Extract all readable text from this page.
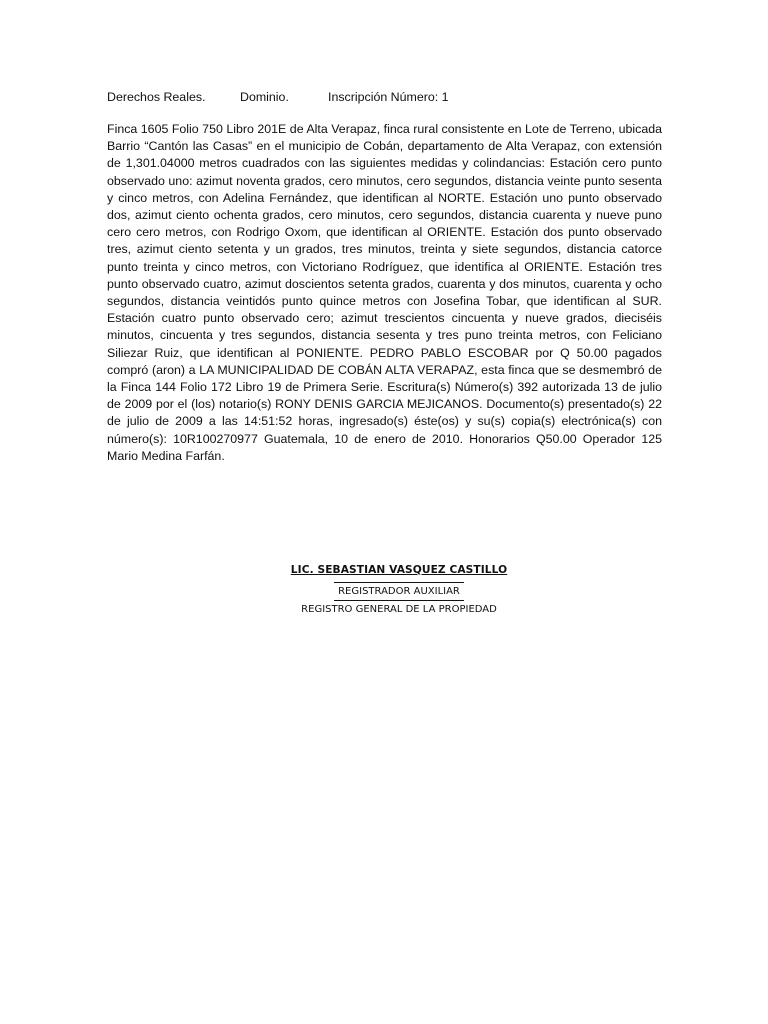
Derechos Reales.	Dominio.	Inscripción Número: 1

Finca 1605 Folio 750 Libro 201E de Alta Verapaz, finca rural consistente en Lote de Terreno, ubicada Barrio “Cantón las Casas” en el municipio de Cobán, departamento de Alta Verapaz, con extensión de 1,301.04000 metros cuadrados con las siguientes medidas y colindancias: Estación cero punto observado uno: azimut noventa grados, cero minutos, cero segundos, distancia veinte punto sesenta y cinco metros, con Adelina Fernández, que identifican al NORTE. Estación uno punto observado dos, azimut ciento ochenta grados, cero minutos, cero segundos, distancia cuarenta y nueve puno cero cero metros, con Rodrigo Oxom, que identifican al ORIENTE. Estación dos punto observado tres, azimut ciento setenta y un grados, tres minutos, treinta y siete segundos, distancia catorce punto treinta y cinco metros, con Victoriano Rodríguez, que identifica al ORIENTE. Estación tres punto observado cuatro, azimut doscientos setenta grados, cuarenta y dos minutos, cuarenta y ocho segundos, distancia veintidós punto quince metros con Josefina Tobar, que identifican al SUR. Estación cuatro punto observado cero; azimut trescientos cincuenta y nueve grados, dieciséis minutos, cincuenta y tres segundos, distancia sesenta y tres puno treinta metros, con Feliciano Siliezar Ruiz, que identifican al PONIENTE. PEDRO PABLO ESCOBAR por Q 50.00 pagados compró (aron) a LA MUNICIPALIDAD DE COBÁN ALTA VERAPAZ, esta finca que se desmembró de la Finca 144 Folio 172 Libro 19 de Primera Serie. Escritura(s) Número(s) 392 autorizada 13 de julio de 2009 por el (los) notario(s) RONY DENIS GARCIA MEJICANOS. Documento(s) presentado(s) 22 de julio de 2009 a las 14:51:52 horas, ingresado(s) éste(os) y su(s) copia(s) electrónica(s) con número(s): 10R100270977 Guatemala, 10 de enero de 2010. Honorarios Q50.00 Operador 125 Mario Medina Farfán.

LIC. SEBASTIAN VASQUEZ CASTILLO
REGISTRADOR AUXILIAR
REGISTRO GENERAL DE LA PROPIEDAD
